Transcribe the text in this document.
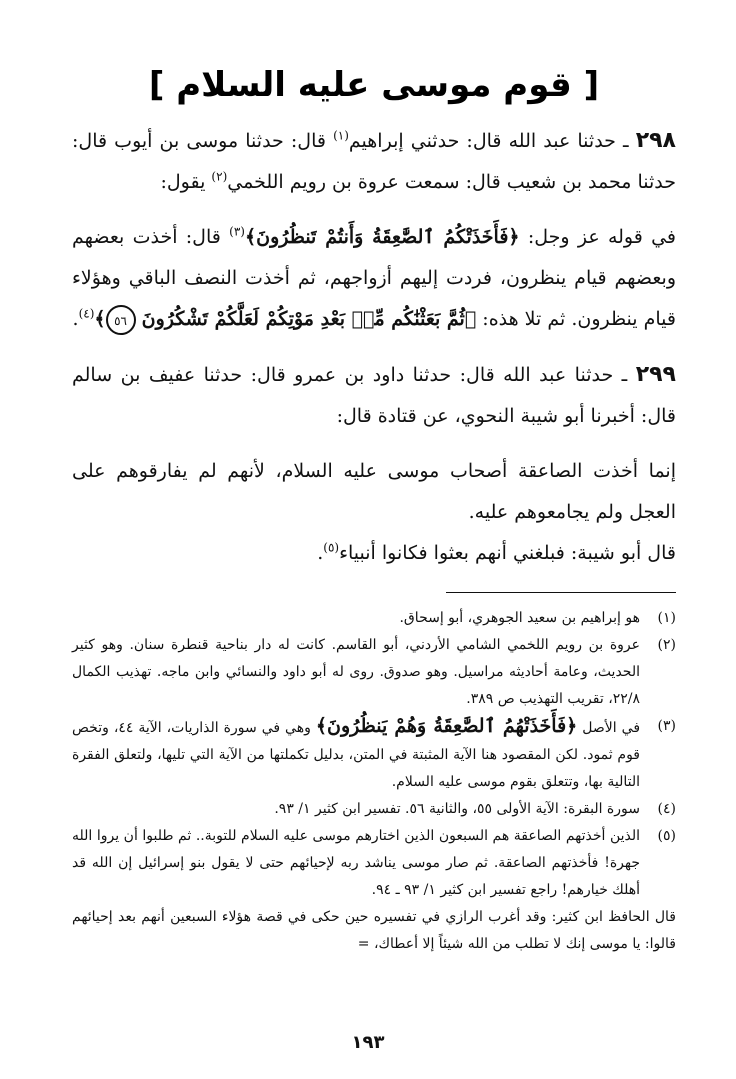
[ قوم موسى عليه السلام ]

٢٩٨ ـ حدثنا عبد الله قال: حدثني إبراهيم$^{(١)}$ قال: حدثنا موسى بن أيوب قال: حدثنا محمد بن شعيب قال: سمعت عروة بن رويم اللخمي$^{(٢)}$ يقول:

في قوله عز وجل: ﴿فَأَخَذَتْكُمُ ٱلصَّٰعِقَةُ وَأَنتُمْ تَنظُرُونَ﴾$^{(٣)}$ قال: أخذت بعضهم وبعضهم قيام ينظرون، فردت إليهم أزواجهم، ثم أخذت النصف الباقي وهؤلاء قيام ينظرون. ثم تلا هذه: ﴿ثُمَّ بَعَثْنَٰكُم مِّنۢ بَعْدِ مَوْتِكُمْ لَعَلَّكُمْ تَشْكُرُونَ ٥٦﴾$^{(٤)}$.

٢٩٩ ـ حدثنا عبد الله قال: حدثنا داود بن عمرو قال: حدثنا عفيف بن سالم قال: أخبرنا أبو شيبة النحوي، عن قتادة قال:

إنما أخذت الصاعقة أصحاب موسى عليه السلام، لأنهم لم يفارقوهم على العجل ولم يجامعوهم عليه.

قال أبو شيبة: فبلغني أنهم بعثوا فكانوا أنبياء$^{(٥)}$.

(١)
هو إبراهيم بن سعيد الجوهري، أبو إسحاق.
(٢)
عروة بن رويم اللخمي الشامي الأردني، أبو القاسم. كانت له دار بناحية قنطرة سنان. وهو كثير الحديث، وعامة أحاديثه مراسيل. وهو صدوق. روى له أبو داود والنسائي وابن ماجه. تهذيب الكمال ٢٢/٨، تقريب التهذيب ص ٣٨٩.
(٣)
في الأصل ﴿فَأَخَذَتْهُمُ ٱلصَّٰعِقَةُ وَهُمْ يَنظُرُونَ﴾ وهي في سورة الذاريات، الآية ٤٤، وتخص قوم ثمود. لكن المقصود هنا الآية المثبتة في المتن، بدليل تكملتها من الآية التي تليها، ولتعلق الفقرة التالية بها، وتتعلق بقوم موسى عليه السلام.
(٤)
سورة البقرة: الآية الأولى ٥٥، والثانية ٥٦. تفسير ابن كثير ١/ ٩٣.
(٥)
الذين أخذتهم الصاعقة هم السبعون الذين اختارهم موسى عليه السلام للتوبة.. ثم طلبوا أن يروا الله جهرة! فأخذتهم الصاعقة. ثم صار موسى يناشد ربه لإحيائهم حتى لا يقول بنو إسرائيل إن الله قد أهلك خيارهم! راجع تفسير ابن كثير ١/ ٩٣ ـ ٩٤.

قال الحافظ ابن كثير: وقد أغرب الرازي في تفسيره حين حكى في قصة هؤلاء السبعين أنهم بعد إحيائهم قالوا: يا موسى إنك لا تطلب من الله شيئاً إلا أعطاك، =

١٩٣
